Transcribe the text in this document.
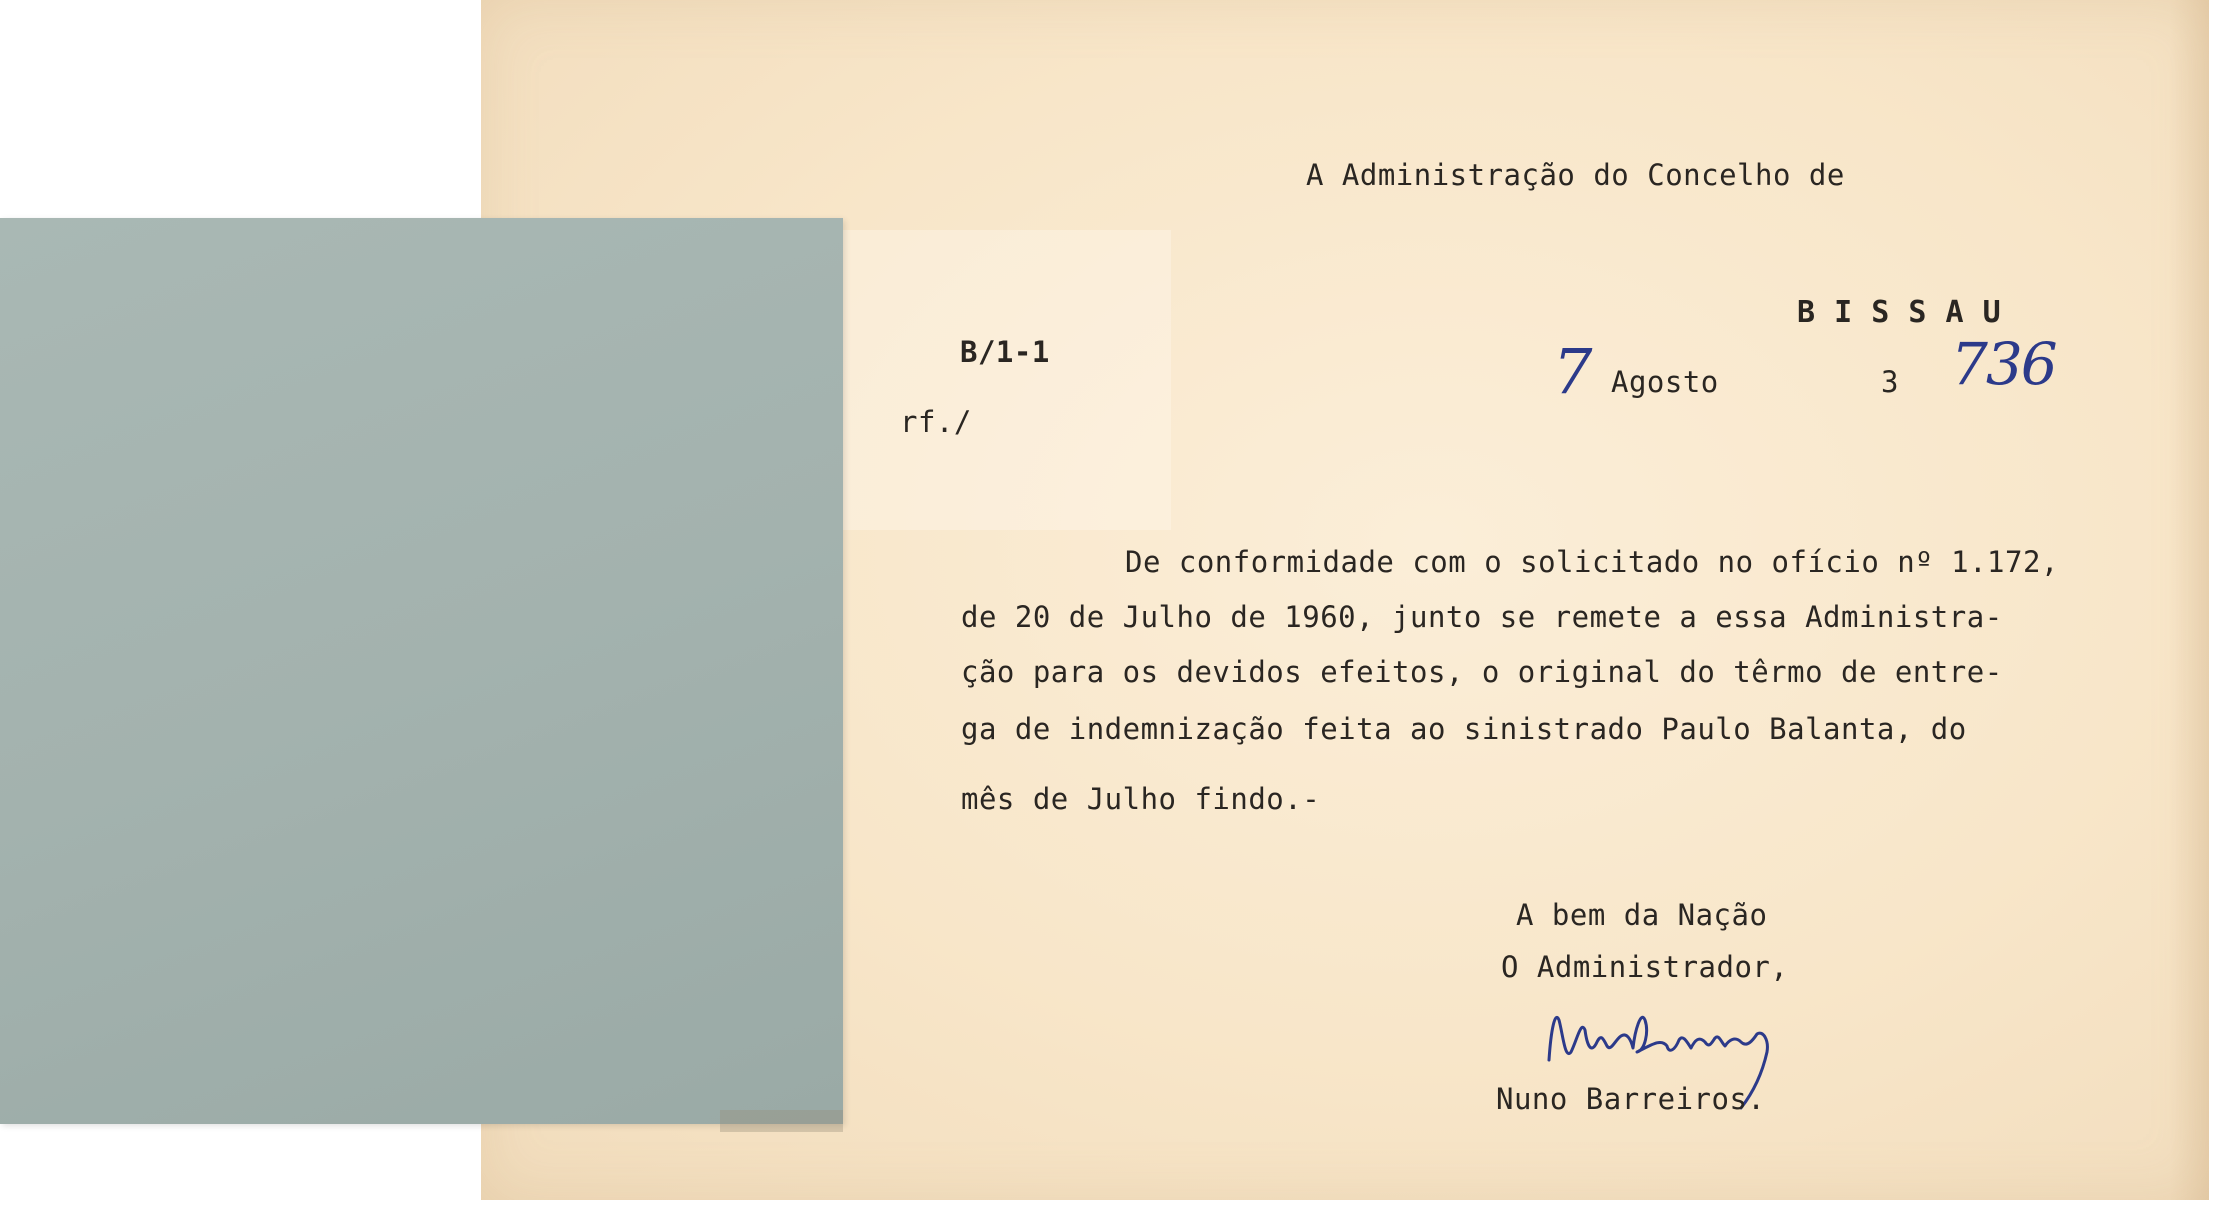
A Administração do Concelho de
B I S S A U
B/1-1
rf./
7 Agosto	3 736
De conformidade com o solicitado no ofício nº 1.172,
de 20 de Julho de 1960, junto se remete a essa Administra-
ção para os devidos efeitos, o original do têrmo de entre-
ga de indemnização feita ao sinistrado Paulo Balanta, do
mês de Julho findo.-
A bem da Nação
O Administrador,
Nuno Barreiros.
